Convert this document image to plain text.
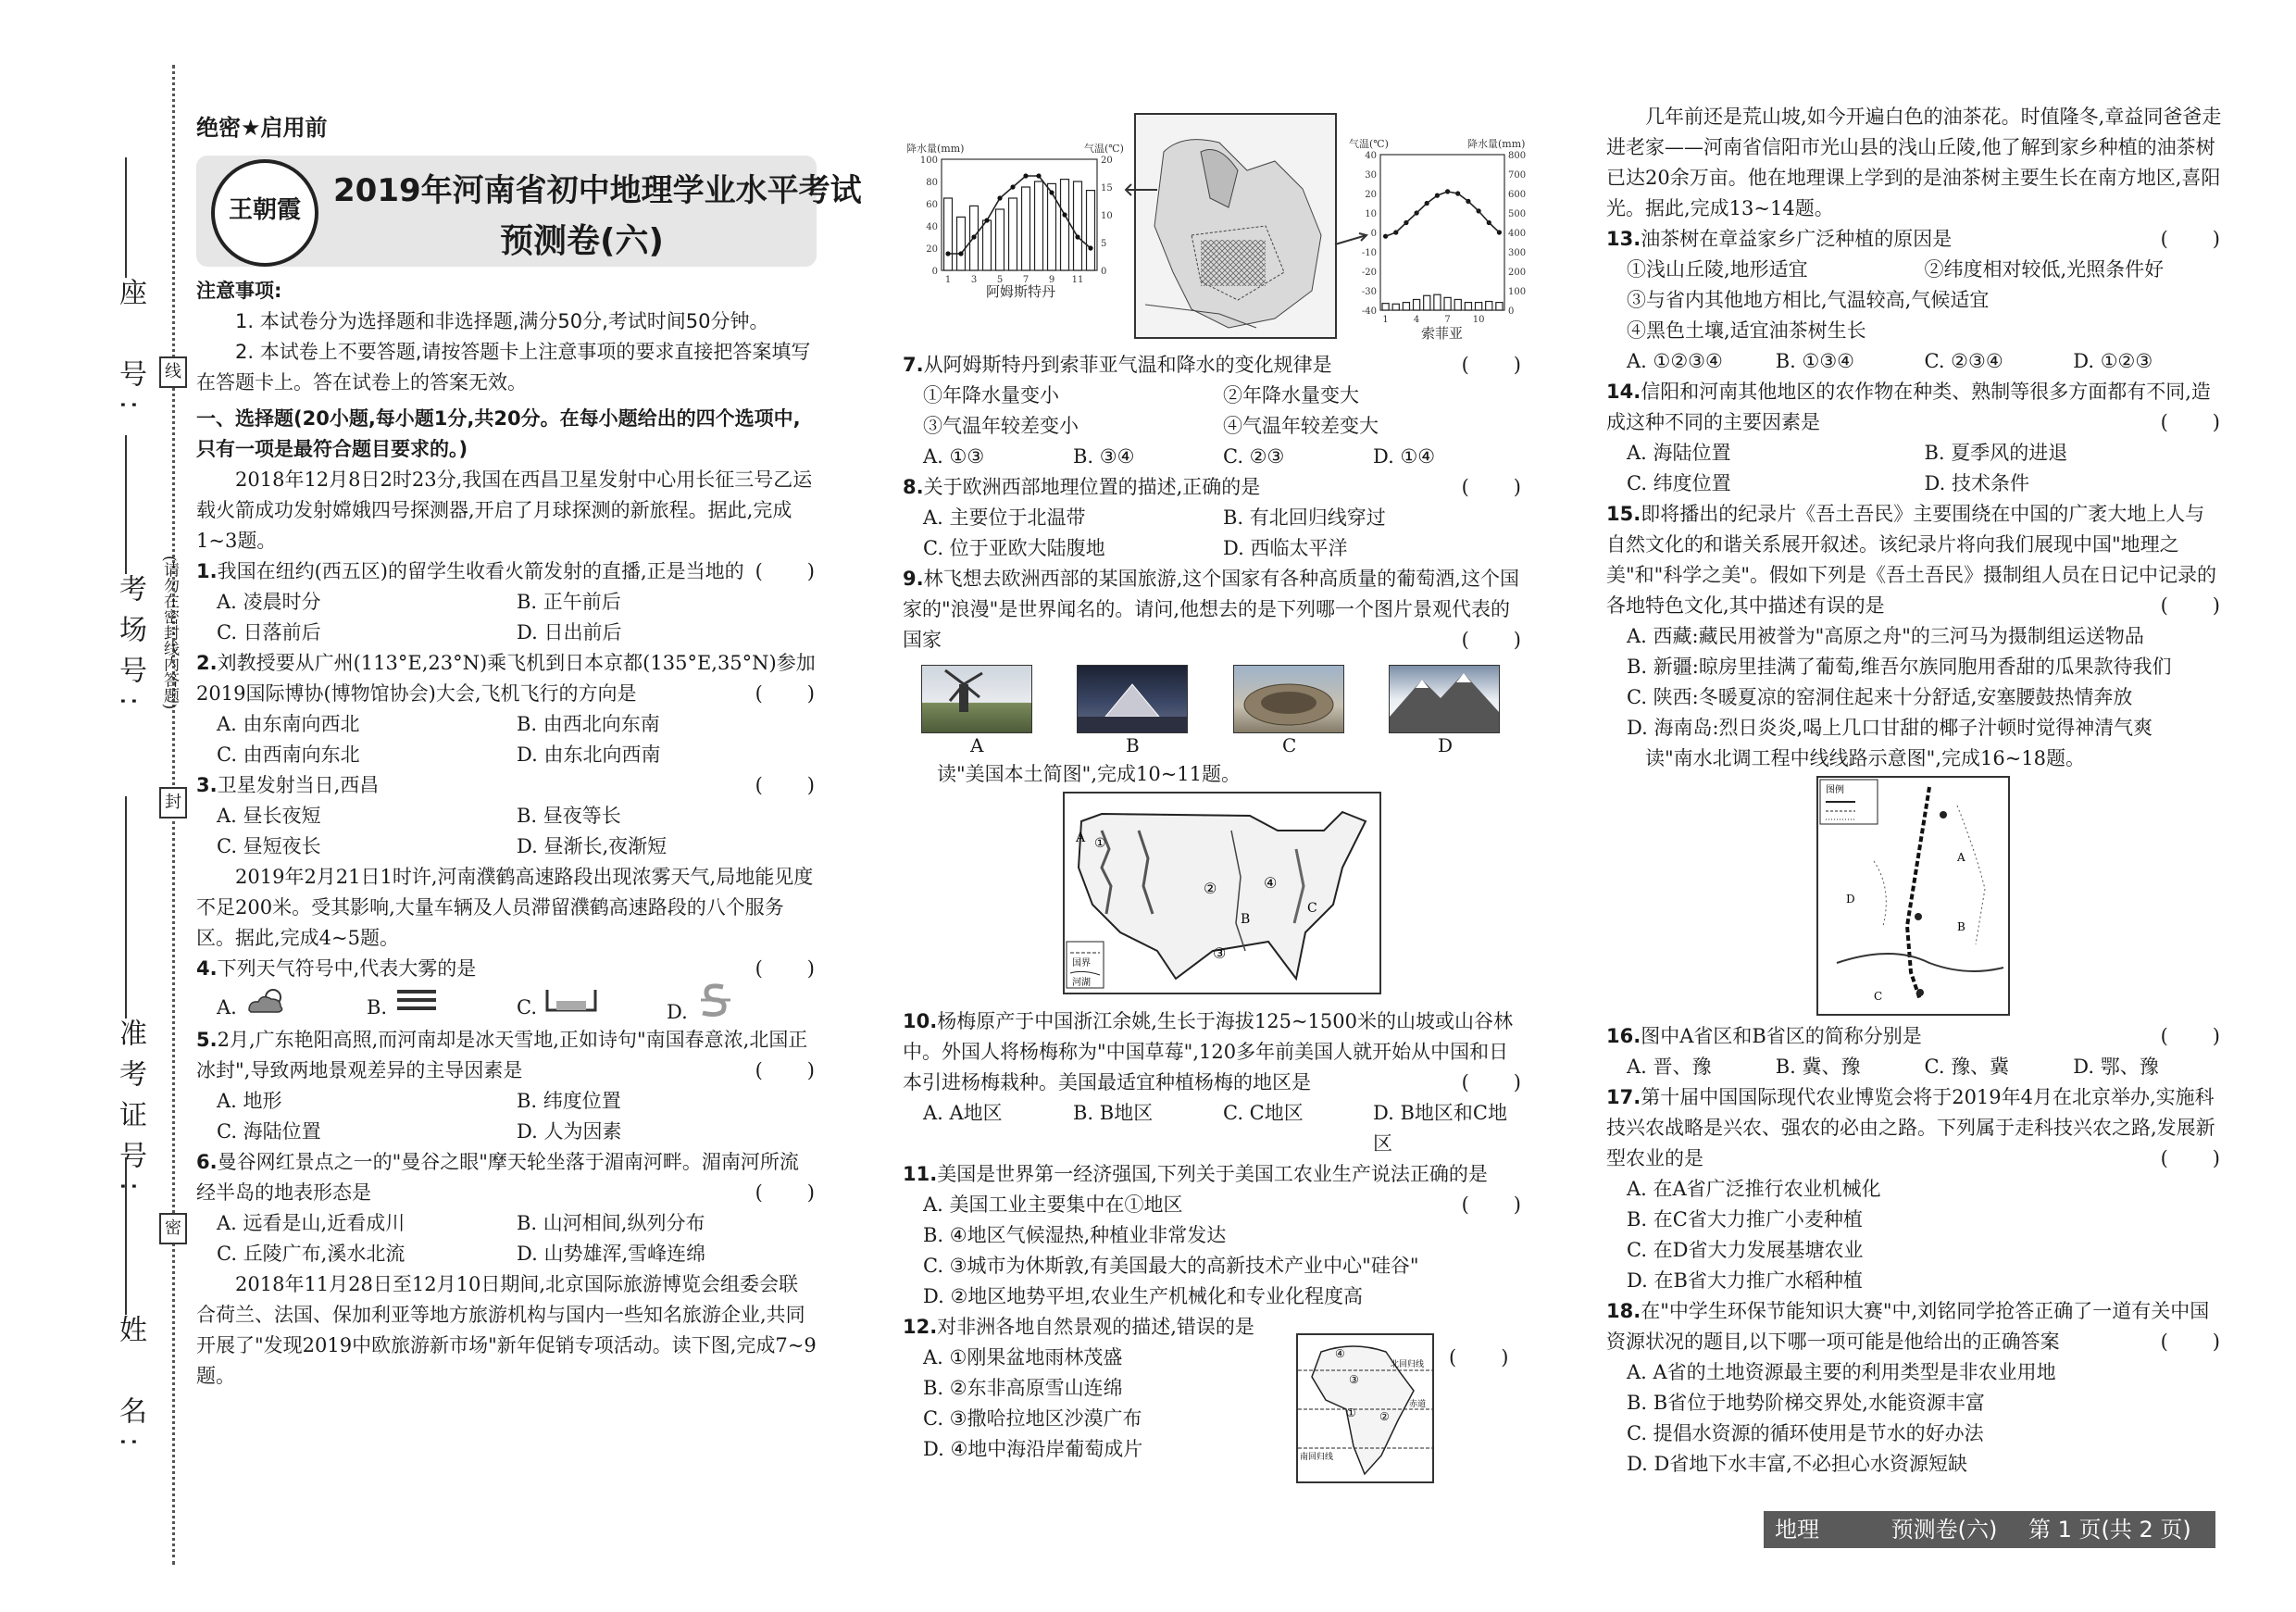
座　号:
考场号:
准考证号:
姓　名:
线
(请勿在密封线内答题)
封
密
绝密★启用前
王朝霞
2019年河南省初中地理学业水平考试
预测卷(六)

注意事项:

1. 本试卷分为选择题和非选择题,满分50分,考试时间50分钟。

2. 本试卷上不要答题,请按答题卡上注意事项的要求直接把答案填写在答题卡上。答在试卷上的答案无效。

一、选择题(20小题,每小题1分,共20分。在每小题给出的四个选项中,只有一项是最符合题目要求的。)

2018年12月8日2时23分,我国在西昌卫星发射中心用长征三号乙运载火箭成功发射嫦娥四号探测器,开启了月球探测的新旅程。据此,完成1~3题。

1.我国在纽约(西五区)的留学生收看火箭发射的直播,正是当地的 (　　)

A. 凌晨时分	B. 正午前后
C. 日落前后	D. 日出前后

2.刘教授要从广州(113°E,23°N)乘飞机到日本京都(135°E,35°N)参加2019国际博协(博物馆协会)大会,飞机飞行的方向是	(　　)

A. 由东南向西北	B. 由西北向东南
C. 由西南向东北	D. 由东北向西南

3.卫星发射当日,西昌	(　　)

A. 昼长夜短	B. 昼夜等长
C. 昼短夜长	D. 昼渐长,夜渐短

2019年2月21日1时许,河南濮鹤高速路段出现浓雾天气,局地能见度不足200米。受其影响,大量车辆及人员滞留濮鹤高速路段的八个服务区。据此,完成4~5题。

4.下列天气符号中,代表大雾的是	(　　)

A.	B.	C.	D.

5.2月,广东艳阳高照,而河南却是冰天雪地,正如诗句"南国春意浓,北国正冰封",导致两地景观差异的主导因素是	(　　)

A. 地形	B. 纬度位置
C. 海陆位置	D. 人为因素

6.曼谷网红景点之一的"曼谷之眼"摩天轮坐落于湄南河畔。湄南河所流经半岛的地表形态是	(　　)

A. 远看是山,近看成川	B. 山河相间,纵列分布
C. 丘陵广布,溪水北流	D. 山势雄浑,雪峰连绵

2018年11月28日至12月10日期间,北京国际旅游博览会组委会联合荷兰、法国、保加利亚等地方旅游机构与国内一些知名旅游企业,共同开展了"发现2019中欧旅游新市场"新年促销专项活动。读下图,完成7~9题。

降水量(mm)	气温(℃)
0
20
40
60
80
100
0
5
10
15
20
1 3 5 7 9 11
阿姆斯特丹
气温(℃)	降水量(mm)
-40
-30
-20
-10
0
10
20
30
40
0
100
200
300
400
500
600
700
800
1	4	7 10
索菲亚

7.从阿姆斯特丹到索菲亚气温和降水的变化规律是	(　　)

①年降水量变小	②年降水量变大
③气温年较差变小	④气温年较差变大
A. ①③	B. ③④	C. ②③	D. ①④

8.关于欧洲西部地理位置的描述,正确的是	(　　)

A. 主要位于北温带	B. 有北回归线穿过
C. 位于亚欧大陆腹地	D. 西临太平洋

9.林飞想去欧洲西部的某国旅游,这个国家有各种高质量的葡萄酒,这个国家的"浪漫"是世界闻名的。请问,他想去的是下列哪一个图片景观代表的国家	(　　)

A	B	C	D
读"美国本土简图",完成10~11题。
A
②	④
B
C
③
①
国界
河湖

10.杨梅原产于中国浙江余姚,生长于海拔125~1500米的山坡或山谷林中。外国人将杨梅称为"中国草莓",120多年前美国人就开始从中国和日本引进杨梅栽种。美国最适宜种植杨梅的地区是	(　　)

A. A地区	B. B地区	C. C地区	D. B地区和C地区

11.美国是世界第一经济强国,下列关于美国工农业生产说法正确的是
(　　)

A. 美国工业主要集中在①地区
B. ④地区气候湿热,种植业非常发达
C. ③城市为休斯敦,有美国最大的高新技术产业中心"硅谷"
D. ②地区地势平坦,农业生产机械化和专业化程度高

12.对非洲各地自然景观的描述,错误的是

A. ①刚果盆地雨林茂盛
B. ②东非高原雪山连绵
C. ③撒哈拉地区沙漠广布
D. ④地中海沿岸葡萄成片
(　　)
北回归线
赤道
南回归线
④
③
① ②

几年前还是荒山坡,如今开遍白色的油茶花。时值隆冬,章益同爸爸走进老家——河南省信阳市光山县的浅山丘陵,他了解到家乡种植的油茶树已达20余万亩。他在地理课上学到的是油茶树主要生长在南方地区,喜阳光。据此,完成13~14题。

13.油茶树在章益家乡广泛种植的原因是	(　　)

①浅山丘陵,地形适宜	②纬度相对较低,光照条件好
③与省内其他地方相比,气温较高,气候适宜
④黑色土壤,适宜油茶树生长
A. ①②③④	B. ①③④	C. ②③④	D. ①②③

14.信阳和河南其他地区的农作物在种类、熟制等很多方面都有不同,造成这种不同的主要因素是	(　　)

A. 海陆位置	B. 夏季风的进退
C. 纬度位置	D. 技术条件

15.即将播出的纪录片《吾土吾民》主要围绕在中国的广袤大地上人与自然文化的和谐关系展开叙述。该纪录片将向我们展现中国"地理之美"和"科学之美"。假如下列是《吾土吾民》摄制组人员在日记中记录的各地特色文化,其中描述有误的是	(　　)

A. 西藏:藏民用被誉为"高原之舟"的三河马为摄制组运送物品
B. 新疆:晾房里挂满了葡萄,维吾尔族同胞用香甜的瓜果款待我们
C. 陕西:冬暖夏凉的窑洞住起来十分舒适,安塞腰鼓热情奔放
D. 海南岛:烈日炎炎,喝上几口甘甜的椰子汁顿时觉得神清气爽

读"南水北调工程中线线路示意图",完成16~18题。

图例
A
B
D
C

16.图中A省区和B省区的简称分别是	(　　)

A. 晋、豫	B. 冀、豫	C. 豫、冀	D. 鄂、豫

17.第十届中国国际现代农业博览会将于2019年4月在北京举办,实施科技兴农战略是兴农、强农的必由之路。下列属于走科技兴农之路,发展新型农业的是	(　　)

A. 在A省广泛推行农业机械化
B. 在C省大力推广小麦种植
C. 在D省大力发展基塘农业
D. 在B省大力推广水稻种植

18.在"中学生环保节能知识大赛"中,刘铭同学抢答正确了一道有关中国资源状况的题目,以下哪一项可能是他给出的正确答案	(　　)

A. A省的土地资源最主要的利用类型是非农业用地
B. B省位于地势阶梯交界处,水能资源丰富
C. 提倡水资源的循环使用是节水的好办法
D. D省地下水丰富,不必担心水资源短缺
地理	预测卷(六) 第 1 页(共 2 页)
